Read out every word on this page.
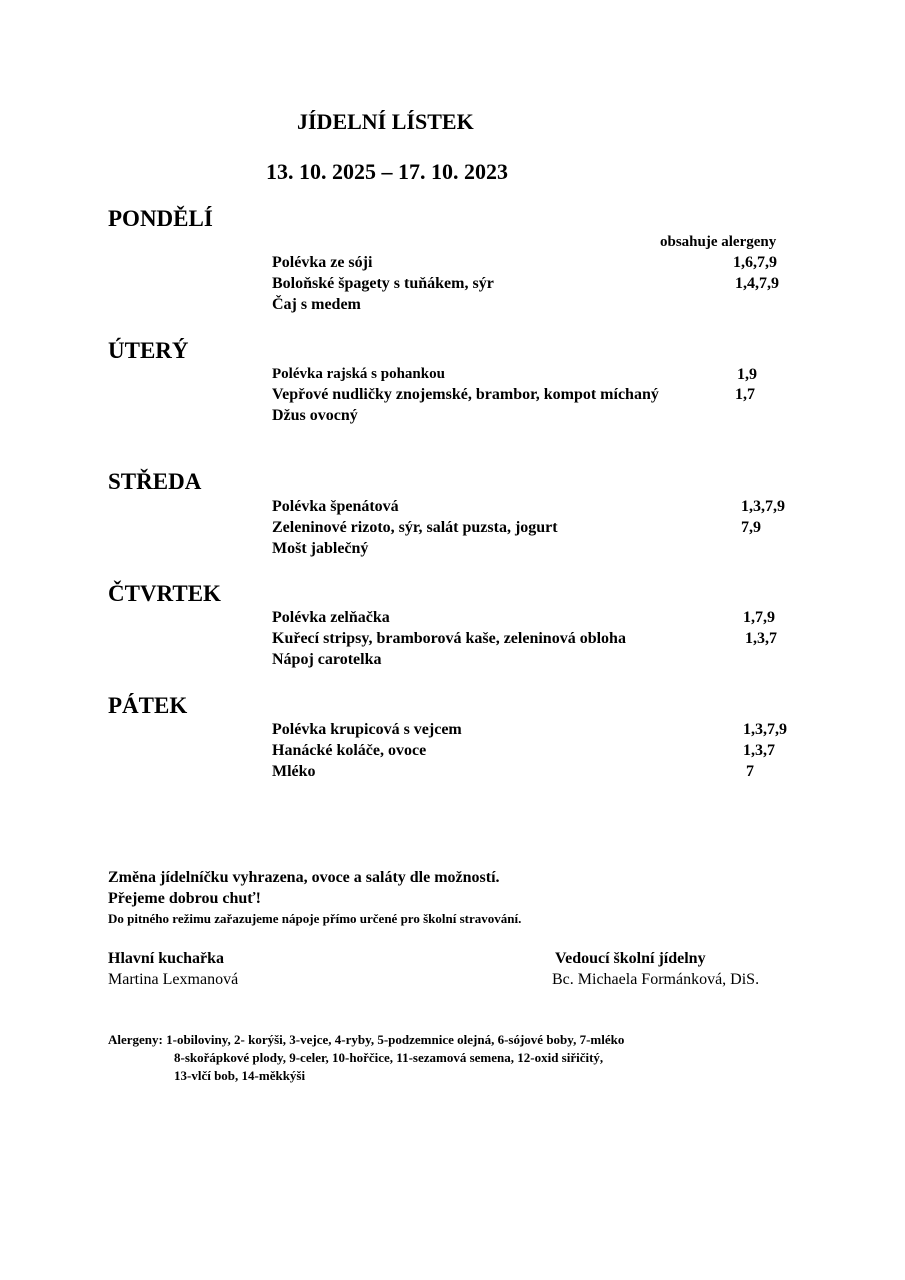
JÍDELNÍ LÍSTEK
13. 10. 2025 – 17. 10. 2023
obsahuje alergeny
PONDĚLÍ
Polévka ze sóji	1,6,7,9
Boloňské špagety s tuňákem, sýr	1,4,7,9
Čaj s medem
ÚTERÝ
Polévka rajská s pohankou	1,9
Vepřové nudličky znojemské, brambor, kompot míchaný	1,7
Džus ovocný
STŘEDA
Polévka špenátová	1,3,7,9
Zeleninové rizoto, sýr, salát puzsta, jogurt	7,9
Mošt jablečný
ČTVRTEK
Polévka zelňačka	1,7,9
Kuřecí stripsy, bramborová kaše, zeleninová obloha	1,3,7
Nápoj carotelka
PÁTEK
Polévka krupicová s vejcem	1,3,7,9
Hanácké koláče, ovoce	1,3,7
Mléko	7
Změna jídelníčku vyhrazena, ovoce a saláty dle možností.
Přejeme dobrou chuť!
Do pitného režimu zařazujeme nápoje přímo určené pro školní stravování.
Hlavní kuchařka
Martina Lexmanová
Vedoucí školní jídelny
Bc. Michaela Formánková, DiS.
Alergeny: 1-obiloviny, 2- korýši, 3-vejce, 4-ryby, 5-podzemnice olejná, 6-sójové boby, 7-mléko
8-skořápkové plody, 9-celer, 10-hořčice, 11-sezamová semena, 12-oxid siřičitý,
13-vlčí bob, 14-měkkýši
